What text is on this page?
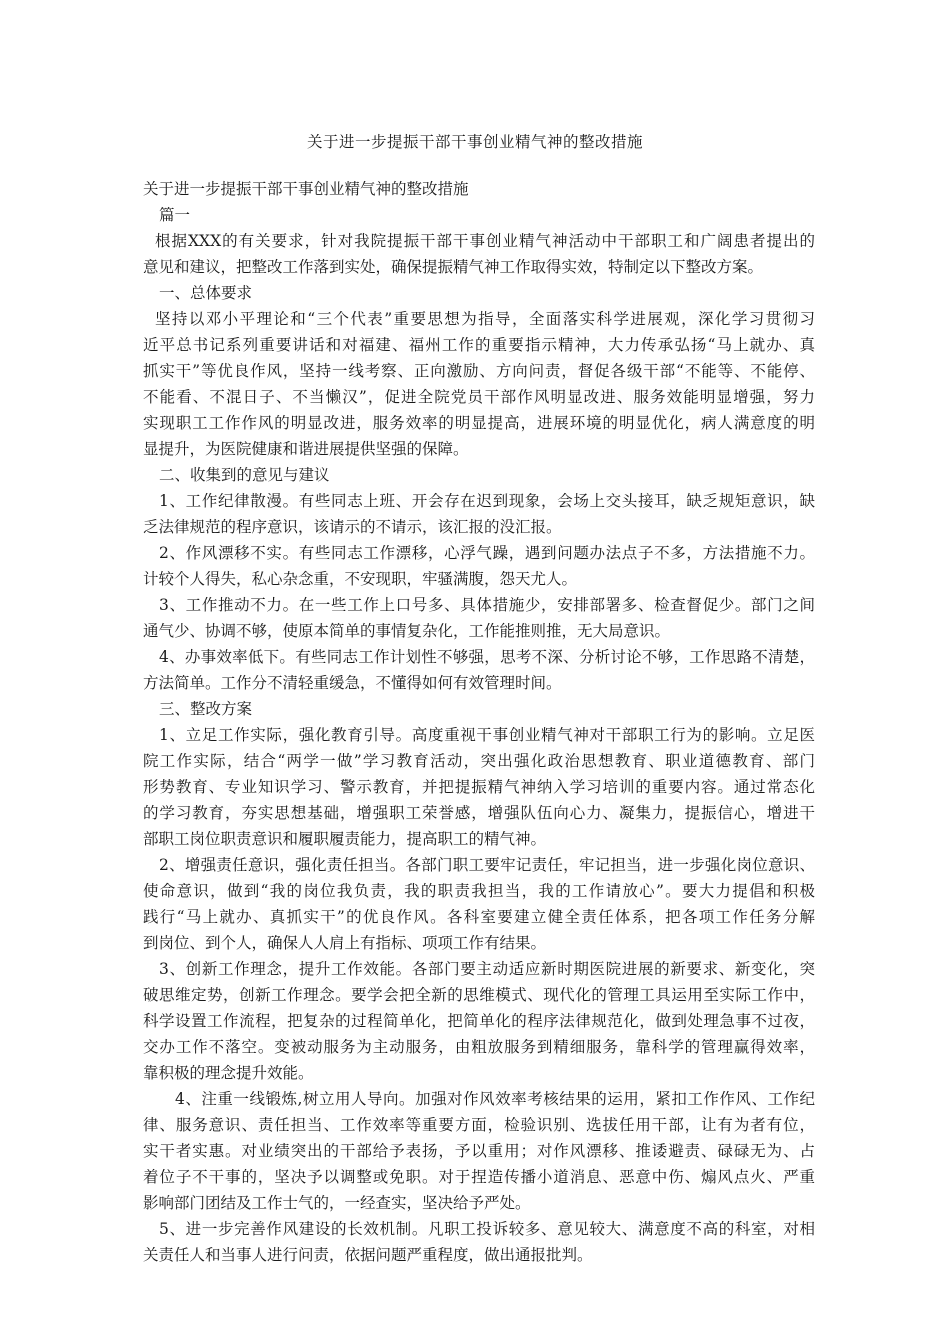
关于进一步提振干部干事创业精气神的整改措施
关于进一步提振干部干事创业精气神的整改措施
篇一
根据XXX的有关要求，针对我院提振干部干事创业精气神活动中干部职工和广阔患者提出的
意见和建议，把整改工作落到实处，确保提振精气神工作取得实效，特制定以下整改方案。
一、总体要求
坚持以邓小平理论和“三个代表”重要思想为指导，全面落实科学进展观，深化学习贯彻习
近平总书记系列重要讲话和对福建、福州工作的重要指示精神，大力传承弘扬“马上就办、真
抓实干”等优良作风，坚持一线考察、正向激励、方向问责，督促各级干部“不能等、不能停、
不能看、不混日子、不当懒汉”，促进全院党员干部作风明显改进、服务效能明显增强，努力
实现职工工作作风的明显改进，服务效率的明显提高，进展环境的明显优化，病人满意度的明
显提升，为医院健康和谐进展提供坚强的保障。
二、收集到的意见与建议
1、工作纪律散漫。有些同志上班、开会存在迟到现象，会场上交头接耳，缺乏规矩意识，缺
乏法律规范的程序意识，该请示的不请示，该汇报的没汇报。
2、作风漂移不实。有些同志工作漂移，心浮气躁，遇到问题办法点子不多，方法措施不力。
计较个人得失，私心杂念重，不安现职，牢骚满腹，怨天尤人。
3、工作推动不力。在一些工作上口号多、具体措施少，安排部署多、检查督促少。部门之间
通气少、协调不够，使原本简单的事情复杂化，工作能推则推，无大局意识。
4、办事效率低下。有些同志工作计划性不够强，思考不深、分析讨论不够，工作思路不清楚，
方法简单。工作分不清轻重缓急，不懂得如何有效管理时间。
三、整改方案
1、立足工作实际，强化教育引导。高度重视干事创业精气神对干部职工行为的影响。立足医
院工作实际，结合“两学一做”学习教育活动，突出强化政治思想教育、职业道德教育、部门
形势教育、专业知识学习、警示教育，并把提振精气神纳入学习培训的重要内容。通过常态化
的学习教育，夯实思想基础，增强职工荣誉感，增强队伍向心力、凝集力，提振信心，增进干
部职工岗位职责意识和履职履责能力，提高职工的精气神。
2、增强责任意识，强化责任担当。各部门职工要牢记责任，牢记担当，进一步强化岗位意识、
使命意识，做到“我的岗位我负责，我的职责我担当，我的工作请放心”。要大力提倡和积极
践行“马上就办、真抓实干”的优良作风。各科室要建立健全责任体系，把各项工作任务分解
到岗位、到个人，确保人人肩上有指标、项项工作有结果。
3、创新工作理念，提升工作效能。各部门要主动适应新时期医院进展的新要求、新变化，突
破思维定势，创新工作理念。要学会把全新的思维模式、现代化的管理工具运用至实际工作中，
科学设置工作流程，把复杂的过程简单化，把简单化的程序法律规范化，做到处理急事不过夜，
交办工作不落空。变被动服务为主动服务，由粗放服务到精细服务，靠科学的管理赢得效率，
靠积极的理念提升效能。
4、注重一线锻炼,树立用人导向。加强对作风效率考核结果的运用，紧扣工作作风、工作纪
律、服务意识、责任担当、工作效率等重要方面，检验识别、选拔任用干部，让有为者有位，
实干者实惠。对业绩突出的干部给予表扬，予以重用；对作风漂移、推诿避责、碌碌无为、占
着位子不干事的，坚决予以调整或免职。对于捏造传播小道消息、恶意中伤、煽风点火、严重
影响部门团结及工作士气的，一经查实，坚决给予严处。
5、进一步完善作风建设的长效机制。凡职工投诉较多、意见较大、满意度不高的科室，对相
关责任人和当事人进行问责，依据问题严重程度，做出通报批判。
